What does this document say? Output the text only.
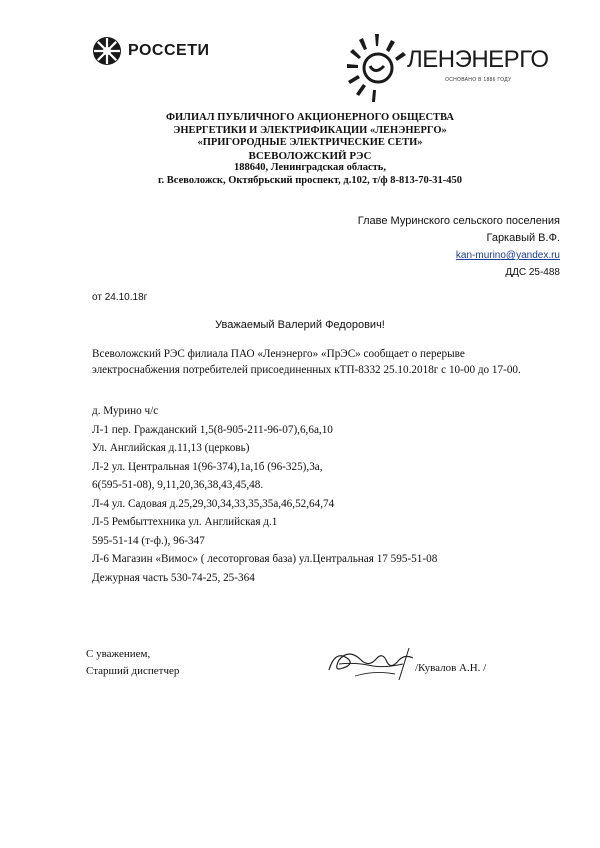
РОССЕТИ	ЛЕНЭНЕРГО
ОСНОВАНО В 1886 ГОДУ
ФИЛИАЛ ПУБЛИЧНОГО АКЦИОНЕРНОГО ОБЩЕСТВА
ЭНЕРГЕТИКИ И ЭЛЕКТРИФИКАЦИИ «ЛЕНЭНЕРГО»
«ПРИГОРОДНЫЕ ЭЛЕКТРИЧЕСКИЕ СЕТИ»
ВСЕВОЛОЖСКИЙ РЭС
188640, Ленинградская область,
г. Всеволожск, Октябрьский проспект, д.102, т/ф 8-813-70-31-450
Главе Муринского сельского поселения
Гаркавый В.Ф.
kan-murino@yandex.ru
ДДС 25-488
от 24.10.18г
Уважаемый Валерий Федорович!
Всеволожский РЭС филиала ПАО «Ленэнерго» «ПрЭС» сообщает о перерыве
электроснабжения потребителей присоединенных кТП-8332 25.10.2018г с 10-00 до 17-00.
д. Мурино ч/с
Л-1 пер. Гражданский 1,5(8-905-211-96-07),6,6а,10
Ул. Английская д.11,13 (церковь)
Л-2 ул. Центральная 1(96-374),1а,1б (96-325),3а,
6(595-51-08), 9,11,20,36,38,43,45,48.
Л-4 ул. Садовая д.25,29,30,34,33,35,35а,46,52,64,74
Л-5 Рембыттехника ул. Английская д.1
595-51-14 (т-ф.), 96-347
Л-6 Магазин «Вимос» ( лесоторговая база) ул.Центральная 17 595-51-08
Дежурная часть 530-74-25, 25-364
С уважением,
Старший диспетчер	/Кувалов А.Н. /
